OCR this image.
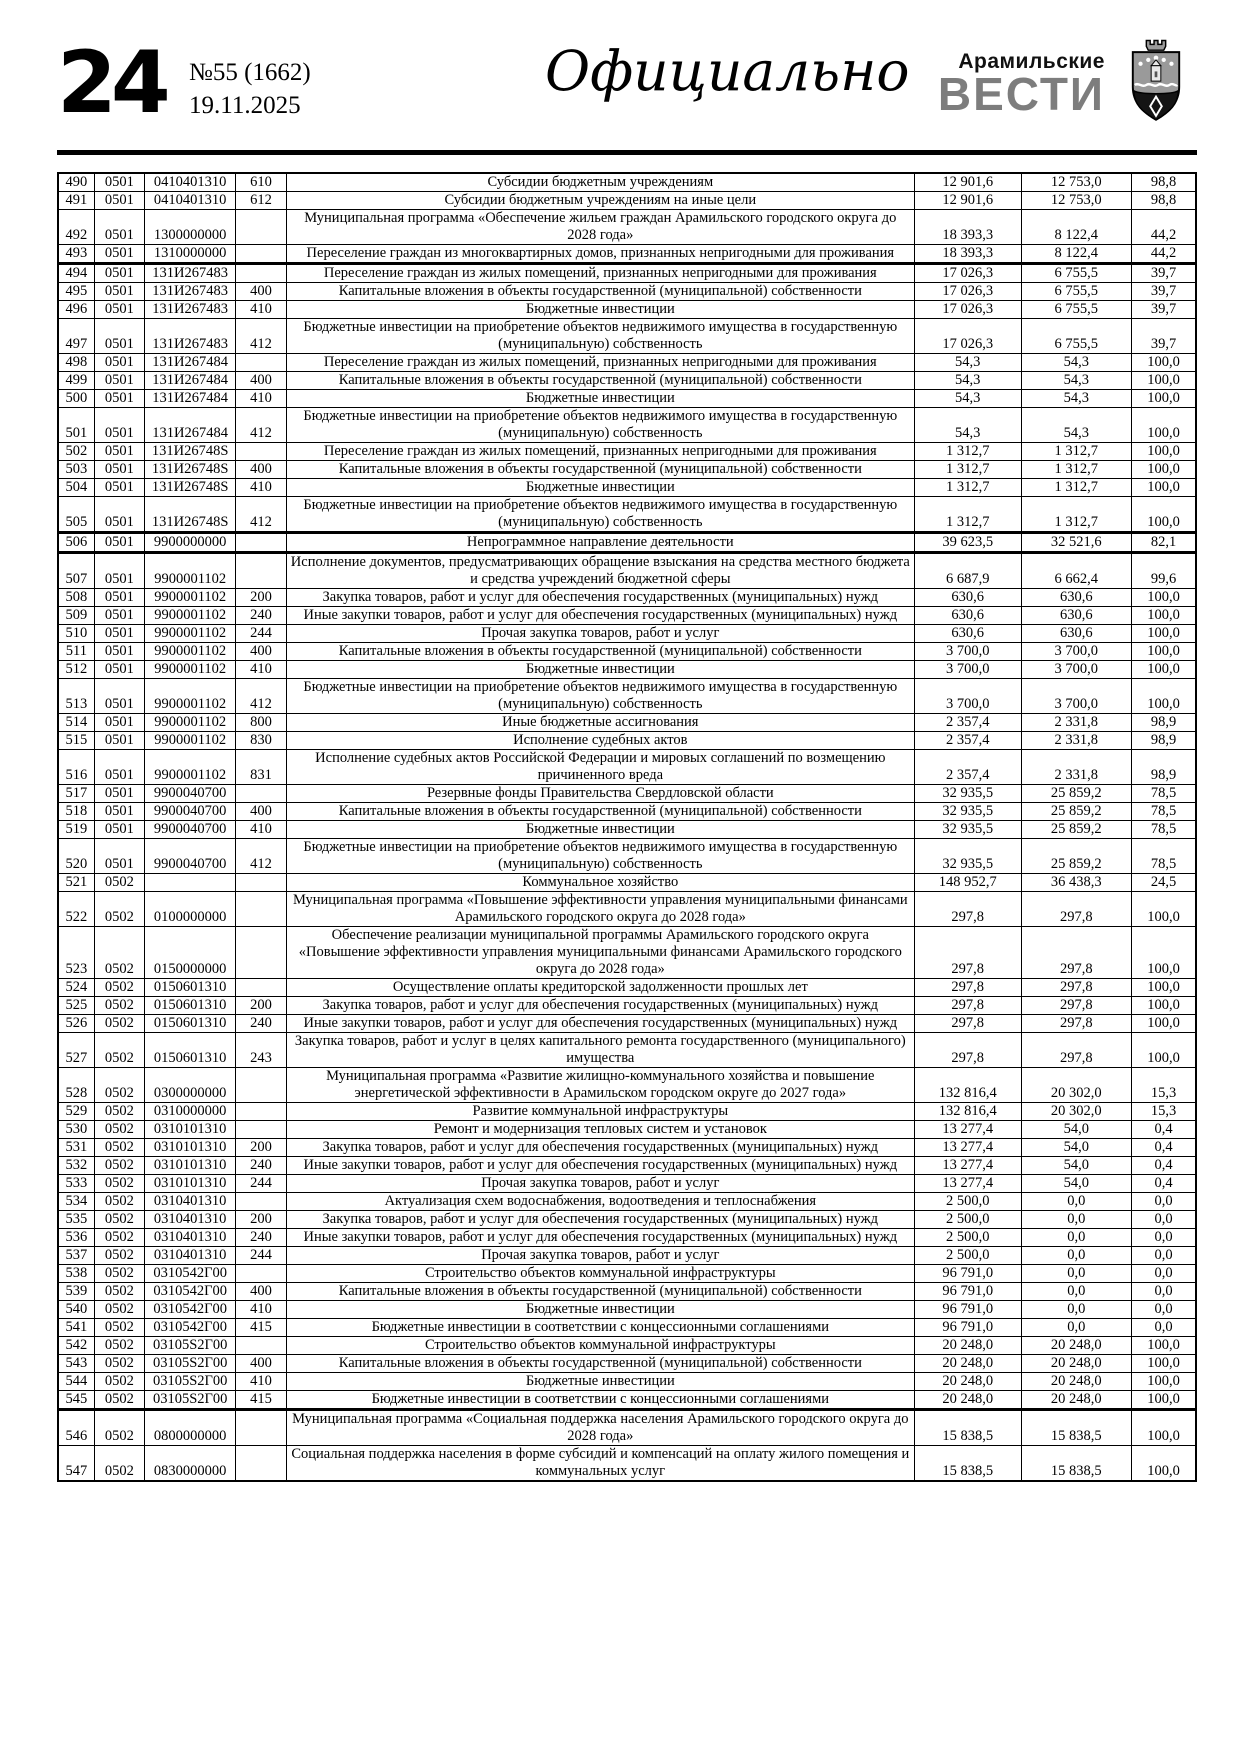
24 №55 (1662)
19.11.2025
Официально	Арамильские
ВЕСТИ
490	0501	0410401310	610	Субсидии бюджетным учреждениям	12 901,6	12 753,0	98,8
491	0501	0410401310	612	Субсидии бюджетным учреждениям на иные цели	12 901,6	12 753,0	98,8
492	0501	1300000000		Муниципальная программа «Обеспечение жильем граждан Арамильского городского округа до 2028 года»	18 393,3	8 122,4	44,2
493	0501	1310000000		Переселение граждан из многоквартирных домов, признанных непригодными для проживания	18 393,3	8 122,4	44,2
494	0501	131И267483		Переселение граждан из жилых помещений, признанных непригодными для проживания	17 026,3	6 755,5	39,7
495	0501	131И267483	400	Капитальные вложения в объекты государственной (муниципальной) собственности	17 026,3	6 755,5	39,7
496	0501	131И267483	410	Бюджетные инвестиции	17 026,3	6 755,5	39,7
497	0501	131И267483	412	Бюджетные инвестиции на приобретение объектов недвижимого имущества в государственную (муниципальную) собственность	17 026,3	6 755,5	39,7
498	0501	131И267484		Переселение граждан из жилых помещений, признанных непригодными для проживания	54,3	54,3	100,0
499	0501	131И267484	400	Капитальные вложения в объекты государственной (муниципальной) собственности	54,3	54,3	100,0
500	0501	131И267484	410	Бюджетные инвестиции	54,3	54,3	100,0
501	0501	131И267484	412	Бюджетные инвестиции на приобретение объектов недвижимого имущества в государственную (муниципальную) собственность	54,3	54,3	100,0
502	0501	131И26748S		Переселение граждан из жилых помещений, признанных непригодными для проживания	1 312,7	1 312,7	100,0
503	0501	131И26748S	400	Капитальные вложения в объекты государственной (муниципальной) собственности	1 312,7	1 312,7	100,0
504	0501	131И26748S	410	Бюджетные инвестиции	1 312,7	1 312,7	100,0
505	0501	131И26748S	412	Бюджетные инвестиции на приобретение объектов недвижимого имущества в государственную (муниципальную) собственность	1 312,7	1 312,7	100,0
506	0501	9900000000		Непрограммное направление деятельности	39 623,5	32 521,6	82,1
507	0501	9900001102		Исполнение документов, предусматривающих обращение взыскания на средства местного бюджета и средства учреждений бюджетной сферы	6 687,9	6 662,4	99,6
508	0501	9900001102	200	Закупка товаров, работ и услуг для обеспечения государственных (муниципальных) нужд	630,6	630,6	100,0
509	0501	9900001102	240	Иные закупки товаров, работ и услуг для обеспечения государственных (муниципальных) нужд	630,6	630,6	100,0
510	0501	9900001102	244	Прочая закупка товаров, работ и услуг	630,6	630,6	100,0
511	0501	9900001102	400	Капитальные вложения в объекты государственной (муниципальной) собственности	3 700,0	3 700,0	100,0
512	0501	9900001102	410	Бюджетные инвестиции	3 700,0	3 700,0	100,0
513	0501	9900001102	412	Бюджетные инвестиции на приобретение объектов недвижимого имущества в государственную (муниципальную) собственность	3 700,0	3 700,0	100,0
514	0501	9900001102	800	Иные бюджетные ассигнования	2 357,4	2 331,8	98,9
515	0501	9900001102	830	Исполнение судебных актов	2 357,4	2 331,8	98,9
516	0501	9900001102	831	Исполнение судебных актов Российской Федерации и мировых соглашений по возмещению причиненного вреда	2 357,4	2 331,8	98,9
517	0501	9900040700		Резервные фонды Правительства Свердловской области	32 935,5	25 859,2	78,5
518	0501	9900040700	400	Капитальные вложения в объекты государственной (муниципальной) собственности	32 935,5	25 859,2	78,5
519	0501	9900040700	410	Бюджетные инвестиции	32 935,5	25 859,2	78,5
520	0501	9900040700	412	Бюджетные инвестиции на приобретение объектов недвижимого имущества в государственную (муниципальную) собственность	32 935,5	25 859,2	78,5
521	0502			Коммунальное хозяйство	148 952,7	36 438,3	24,5
522	0502	0100000000		Муниципальная программа «Повышение эффективности управления муниципальными финансами Арамильского городского округа до 2028 года»	297,8	297,8	100,0
523	0502	0150000000		Обеспечение реализации муниципальной программы Арамильского городского округа «Повышение эффективности управления муниципальными финансами Арамильского городского округа до 2028 года»	297,8	297,8	100,0
524	0502	0150601310		Осуществление оплаты кредиторской задолженности прошлых лет	297,8	297,8	100,0
525	0502	0150601310	200	Закупка товаров, работ и услуг для обеспечения государственных (муниципальных) нужд	297,8	297,8	100,0
526	0502	0150601310	240	Иные закупки товаров, работ и услуг для обеспечения государственных (муниципальных) нужд	297,8	297,8	100,0
527	0502	0150601310	243	Закупка товаров, работ и услуг в целях капитального ремонта государственного (муниципального) имущества	297,8	297,8	100,0
528	0502	0300000000		Муниципальная программа «Развитие жилищно-коммунального хозяйства и повышение энергетической эффективности в Арамильском городском округе до 2027 года»	132 816,4	20 302,0	15,3
529	0502	0310000000		Развитие коммунальной инфраструктуры	132 816,4	20 302,0	15,3
530	0502	0310101310		Ремонт и модернизация тепловых систем и установок	13 277,4	54,0	0,4
531	0502	0310101310	200	Закупка товаров, работ и услуг для обеспечения государственных (муниципальных) нужд	13 277,4	54,0	0,4
532	0502	0310101310	240	Иные закупки товаров, работ и услуг для обеспечения государственных (муниципальных) нужд	13 277,4	54,0	0,4
533	0502	0310101310	244	Прочая закупка товаров, работ и услуг	13 277,4	54,0	0,4
534	0502	0310401310		Актуализация схем водоснабжения, водоотведения и теплоснабжения	2 500,0	0,0	0,0
535	0502	0310401310	200	Закупка товаров, работ и услуг для обеспечения государственных (муниципальных) нужд	2 500,0	0,0	0,0
536	0502	0310401310	240	Иные закупки товаров, работ и услуг для обеспечения государственных (муниципальных) нужд	2 500,0	0,0	0,0
537	0502	0310401310	244	Прочая закупка товаров, работ и услуг	2 500,0	0,0	0,0
538	0502	0310542Г00		Строительство объектов коммунальной инфраструктуры	96 791,0	0,0	0,0
539	0502	0310542Г00	400	Капитальные вложения в объекты государственной (муниципальной) собственности	96 791,0	0,0	0,0
540	0502	0310542Г00	410	Бюджетные инвестиции	96 791,0	0,0	0,0
541	0502	0310542Г00	415	Бюджетные инвестиции в соответствии с концессионными соглашениями	96 791,0	0,0	0,0
542	0502	03105S2Г00		Строительство объектов коммунальной инфраструктуры	20 248,0	20 248,0	100,0
543	0502	03105S2Г00	400	Капитальные вложения в объекты государственной (муниципальной) собственности	20 248,0	20 248,0	100,0
544	0502	03105S2Г00	410	Бюджетные инвестиции	20 248,0	20 248,0	100,0
545	0502	03105S2Г00	415	Бюджетные инвестиции в соответствии с концессионными соглашениями	20 248,0	20 248,0	100,0
546	0502	0800000000		Муниципальная программа «Социальная поддержка населения Арамильского городского округа до 2028 года»	15 838,5	15 838,5	100,0
547	0502	0830000000		Социальная поддержка населения в форме субсидий и компенсаций на оплату жилого помещения и коммунальных услуг	15 838,5	15 838,5	100,0
